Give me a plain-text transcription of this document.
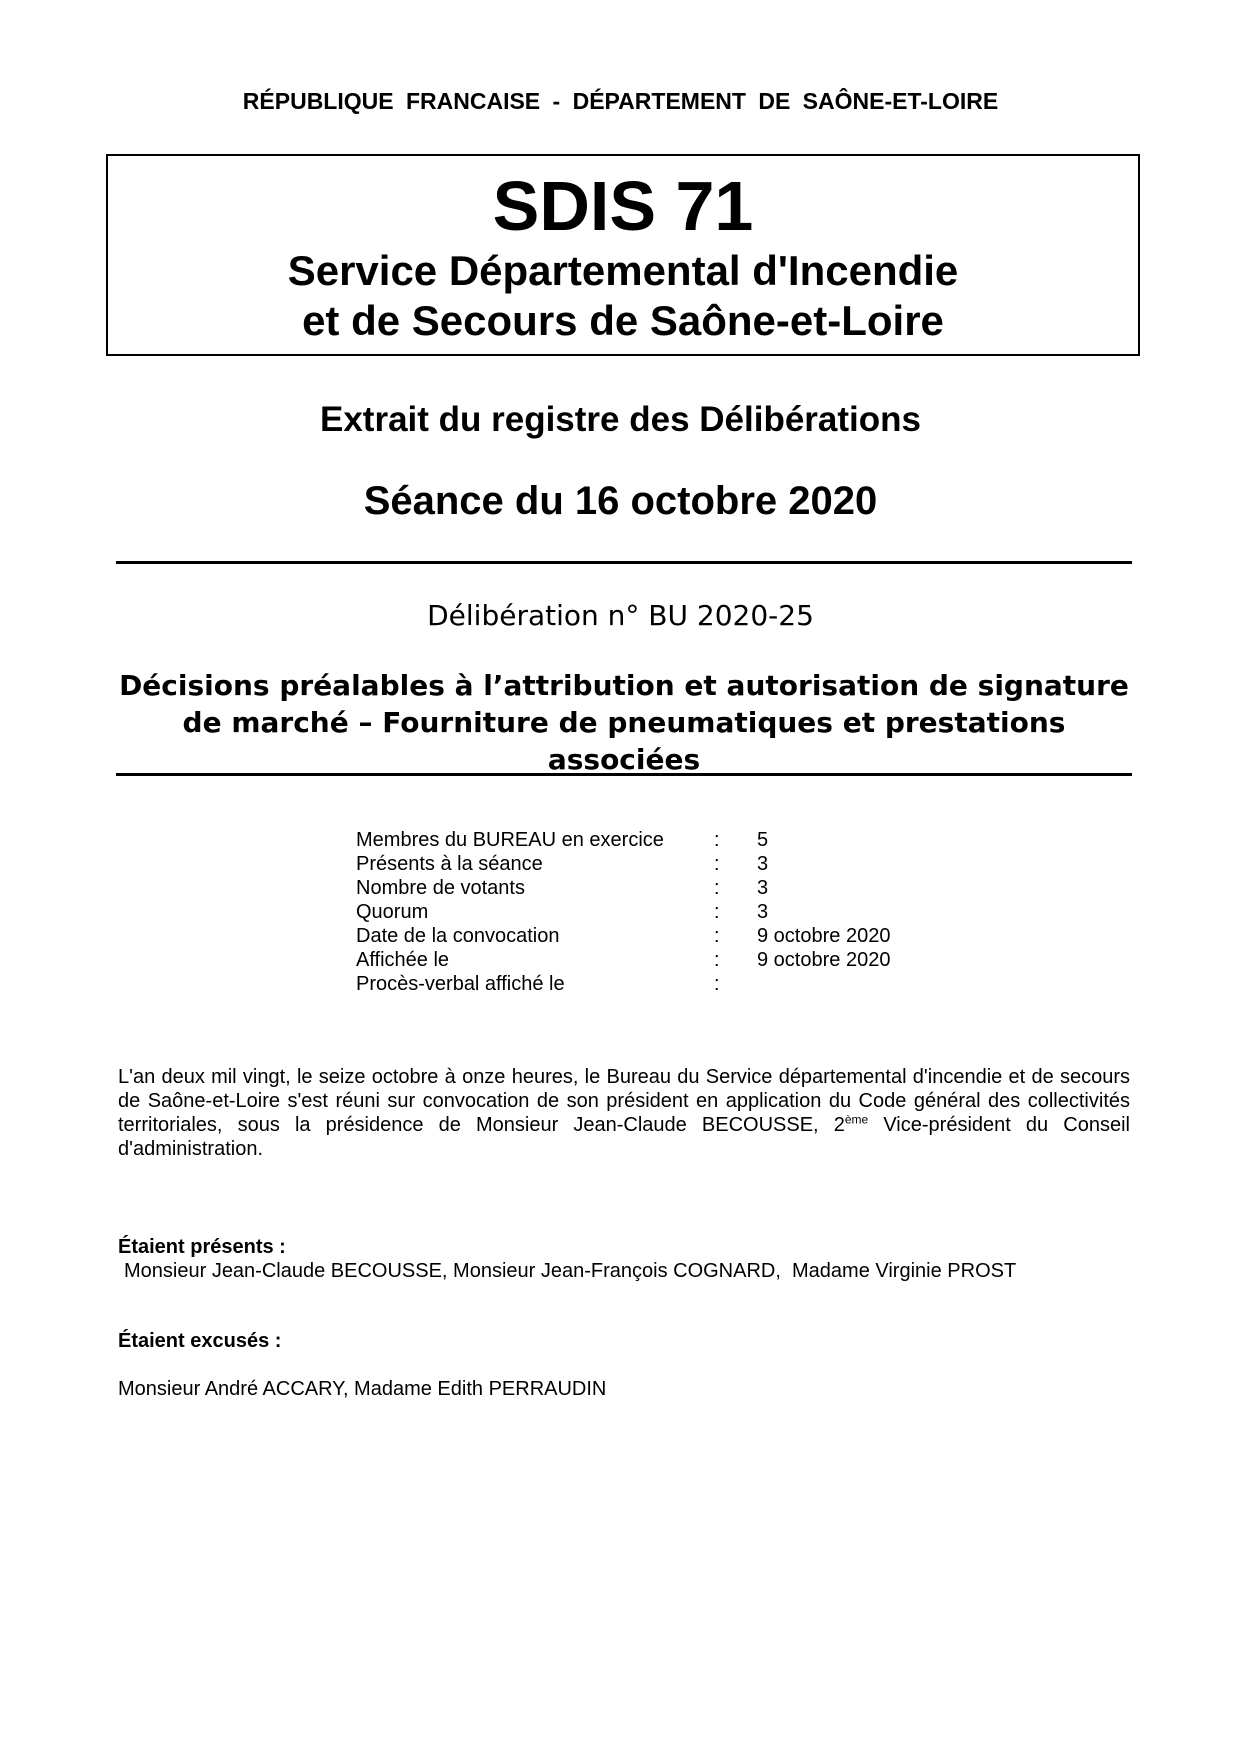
RÉPUBLIQUE FRANCAISE - DÉPARTEMENT DE SAÔNE-ET-LOIRE
SDIS 71
Service Départemental d'Incendie
et de Secours de Saône-et-Loire
Extrait du registre des Délibérations
Séance du 16 octobre 2020
Délibération n° BU 2020-25
Décisions préalables à l’attribution et autorisation de signature de marché – Fourniture de pneumatiques et prestations associées
Membres du BUREAU en exercice	: 5
Présents à la séance	: 3
Nombre de votants	: 3
Quorum	: 3
Date de la convocation	: 9 octobre 2020
Affichée le	: 9 octobre 2020
Procès-verbal affiché le	:
L'an deux mil vingt, le seize octobre à onze heures, le Bureau du Service départemental d'incendie et de secours de Saône-et-Loire s'est réuni sur convocation de son président en application du Code général des collectivités territoriales, sous la présidence de Monsieur Jean-Claude BECOUSSE, 2ème Vice-président du Conseil d'administration.
Étaient présents :
Monsieur Jean-Claude BECOUSSE, Monsieur Jean-François COGNARD,  Madame Virginie PROST
Étaient excusés :
Monsieur André ACCARY, Madame Edith PERRAUDIN
